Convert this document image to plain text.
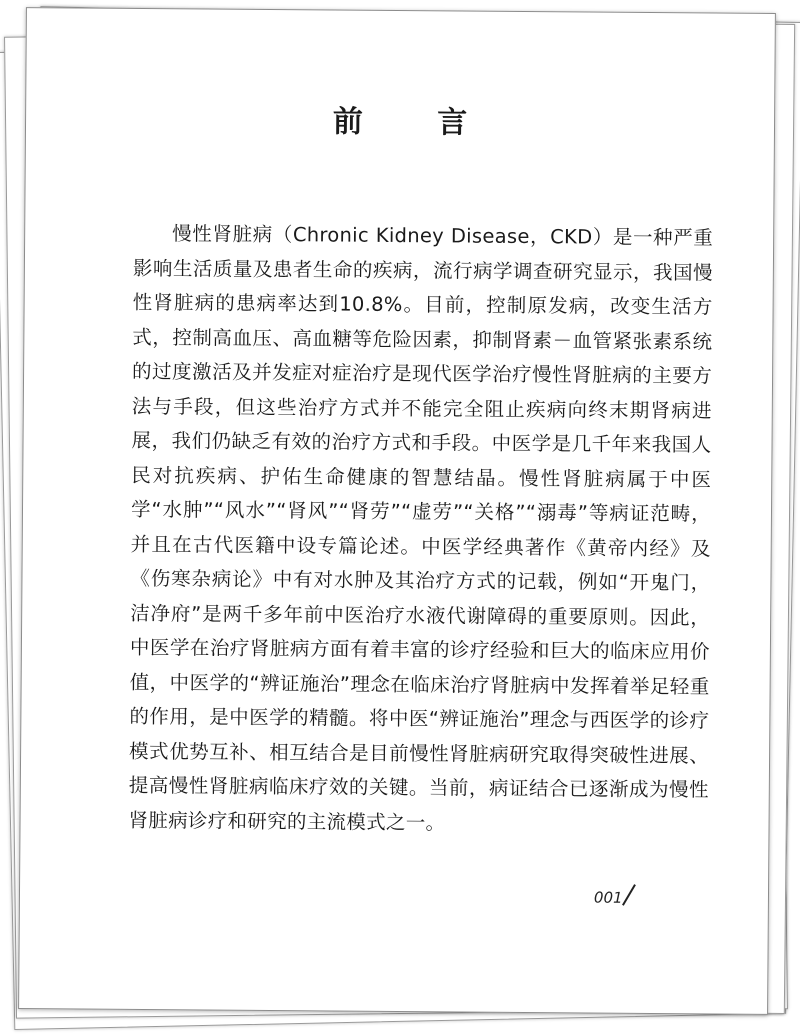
前 言

慢性肾脏病（Chronic Kidney Disease，CKD）是一种严重影响生活质量及患者生命的疾病，流行病学调查研究显示，我国慢性肾脏病的患病率达到10.8%。目前，控制原发病，改变生活方式，控制高血压、高血糖等危险因素，抑制肾素－血管紧张素系统的过度激活及并发症对症治疗是现代医学治疗慢性肾脏病的主要方法与手段，但这些治疗方式并不能完全阻止疾病向终末期肾病进展，我们仍缺乏有效的治疗方式和手段。中医学是几千年来我国人民对抗疾病、护佑生命健康的智慧结晶。慢性肾脏病属于中医学“水肿”“风水”“肾风”“肾劳”“虚劳”“关格”“溺毒”等病证范畴，并且在古代医籍中设专篇论述。中医学经典著作《黄帝内经》及《伤寒杂病论》中有对水肿及其治疗方式的记载，例如“开鬼门，洁净府”是两千多年前中医治疗水液代谢障碍的重要原则。因此，中医学在治疗肾脏病方面有着丰富的诊疗经验和巨大的临床应用价值，中医学的“辨证施治”理念在临床治疗肾脏病中发挥着举足轻重的作用，是中医学的精髓。将中医“辨证施治”理念与西医学的诊疗模式优势互补、相互结合是目前慢性肾脏病研究取得突破性进展、提高慢性肾脏病临床疗效的关键。当前，病证结合已逐渐成为慢性肾脏病诊疗和研究的主流模式之一。

001
